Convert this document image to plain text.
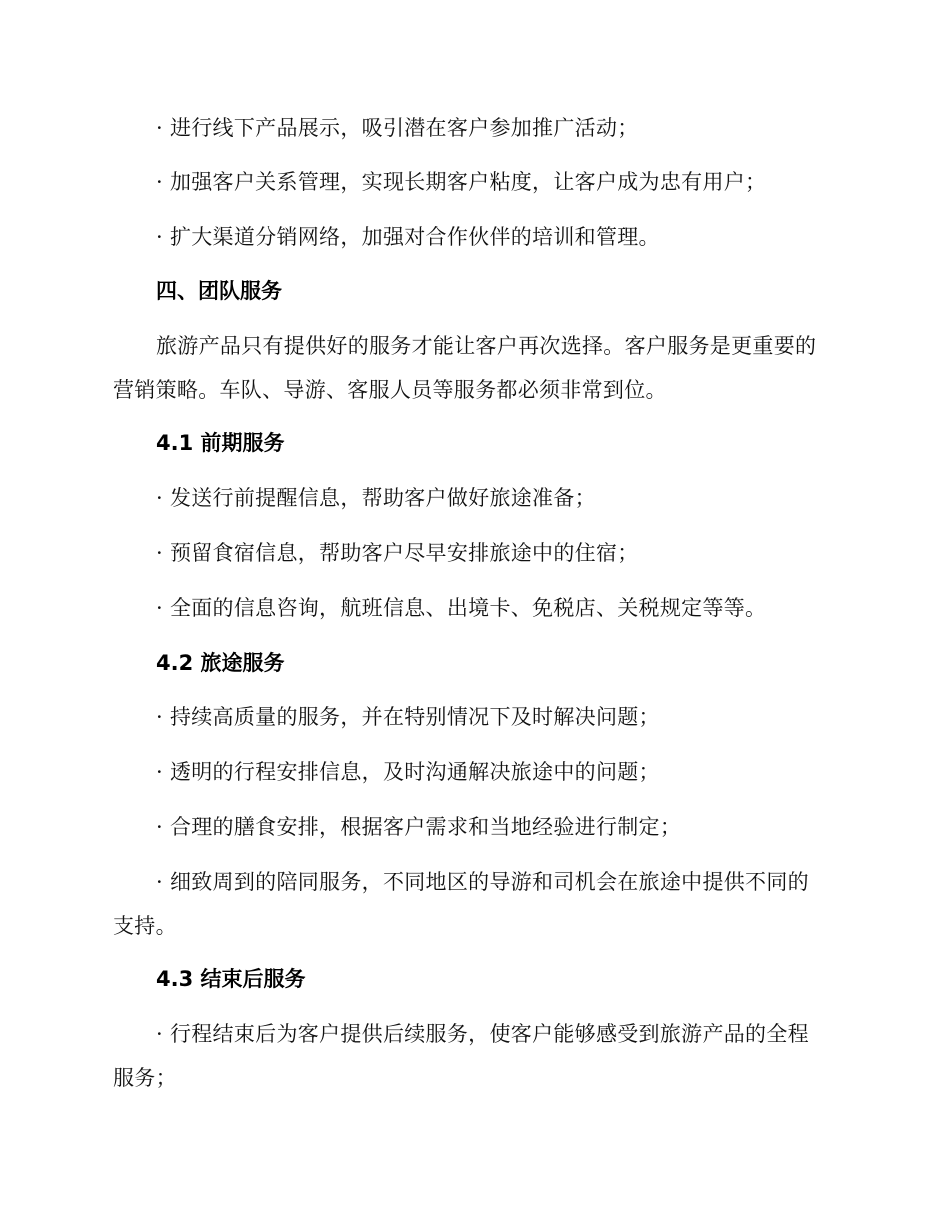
· 进行线下产品展示，吸引潜在客户参加推广活动；

· 加强客户关系管理，实现长期客户粘度，让客户成为忠有用户；

· 扩大渠道分销网络，加强对合作伙伴的培训和管理。

四、团队服务

旅游产品只有提供好的服务才能让客户再次选择。客户服务是更重要的

营销策略。车队、导游、客服人员等服务都必须非常到位。

4.1 前期服务

· 发送行前提醒信息，帮助客户做好旅途准备；

· 预留食宿信息，帮助客户尽早安排旅途中的住宿；

· 全面的信息咨询，航班信息、出境卡、免税店、关税规定等等。

4.2 旅途服务

· 持续高质量的服务，并在特别情况下及时解决问题；

· 透明的行程安排信息，及时沟通解决旅途中的问题；

· 合理的膳食安排，根据客户需求和当地经验进行制定；

· 细致周到的陪同服务，不同地区的导游和司机会在旅途中提供不同的

支持。

4.3 结束后服务

· 行程结束后为客户提供后续服务，使客户能够感受到旅游产品的全程

服务；
